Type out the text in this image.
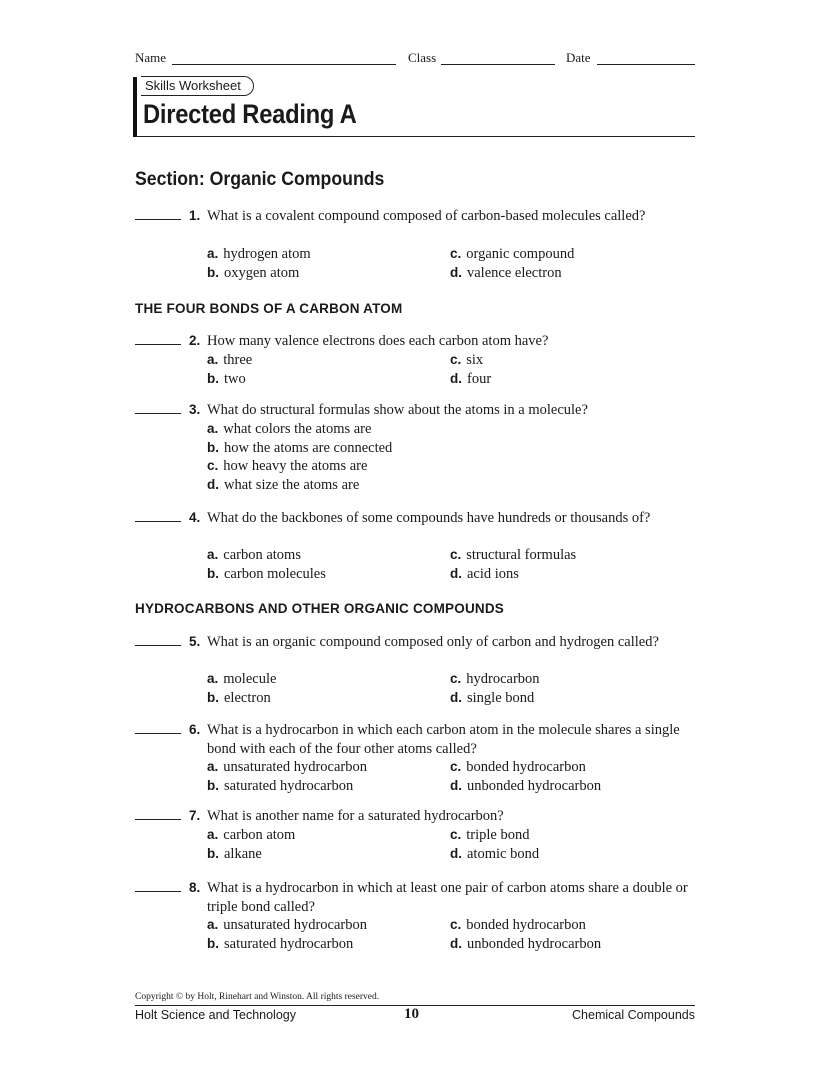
Name	Class	Date
Skills Worksheet
Directed Reading A
Section: Organic Compounds
1. What is a covalent compound composed of carbon-based molecules called?
a. hydrogen atom
b. oxygen atom
c. organic compound
d. valence electron
THE FOUR BONDS OF A CARBON ATOM
2. How many valence electrons does each carbon atom have?
a. three
b. two
c. six
d. four
3. What do structural formulas show about the atoms in a molecule?
a. what colors the atoms are
b. how the atoms are connected
c. how heavy the atoms are
d. what size the atoms are
4. What do the backbones of some compounds have hundreds or thousands of?
a. carbon atoms
b. carbon molecules
c. structural formulas
d. acid ions
HYDROCARBONS AND OTHER ORGANIC COMPOUNDS
5. What is an organic compound composed only of carbon and hydrogen called?
a. molecule
b. electron
c. hydrocarbon
d. single bond
6. What is a hydrocarbon in which each carbon atom in the molecule shares a single bond with each of the four other atoms called?
a. unsaturated hydrocarbon
b. saturated hydrocarbon
c. bonded hydrocarbon
d. unbonded hydrocarbon
7. What is another name for a saturated hydrocarbon?
a. carbon atom
b. alkane
c. triple bond
d. atomic bond
8. What is a hydrocarbon in which at least one pair of carbon atoms share a double or triple bond called?
a. unsaturated hydrocarbon
b. saturated hydrocarbon
c. bonded hydrocarbon
d. unbonded hydrocarbon
Copyright © by Holt, Rinehart and Winston. All rights reserved.
Holt Science and Technology	10	Chemical Compounds
